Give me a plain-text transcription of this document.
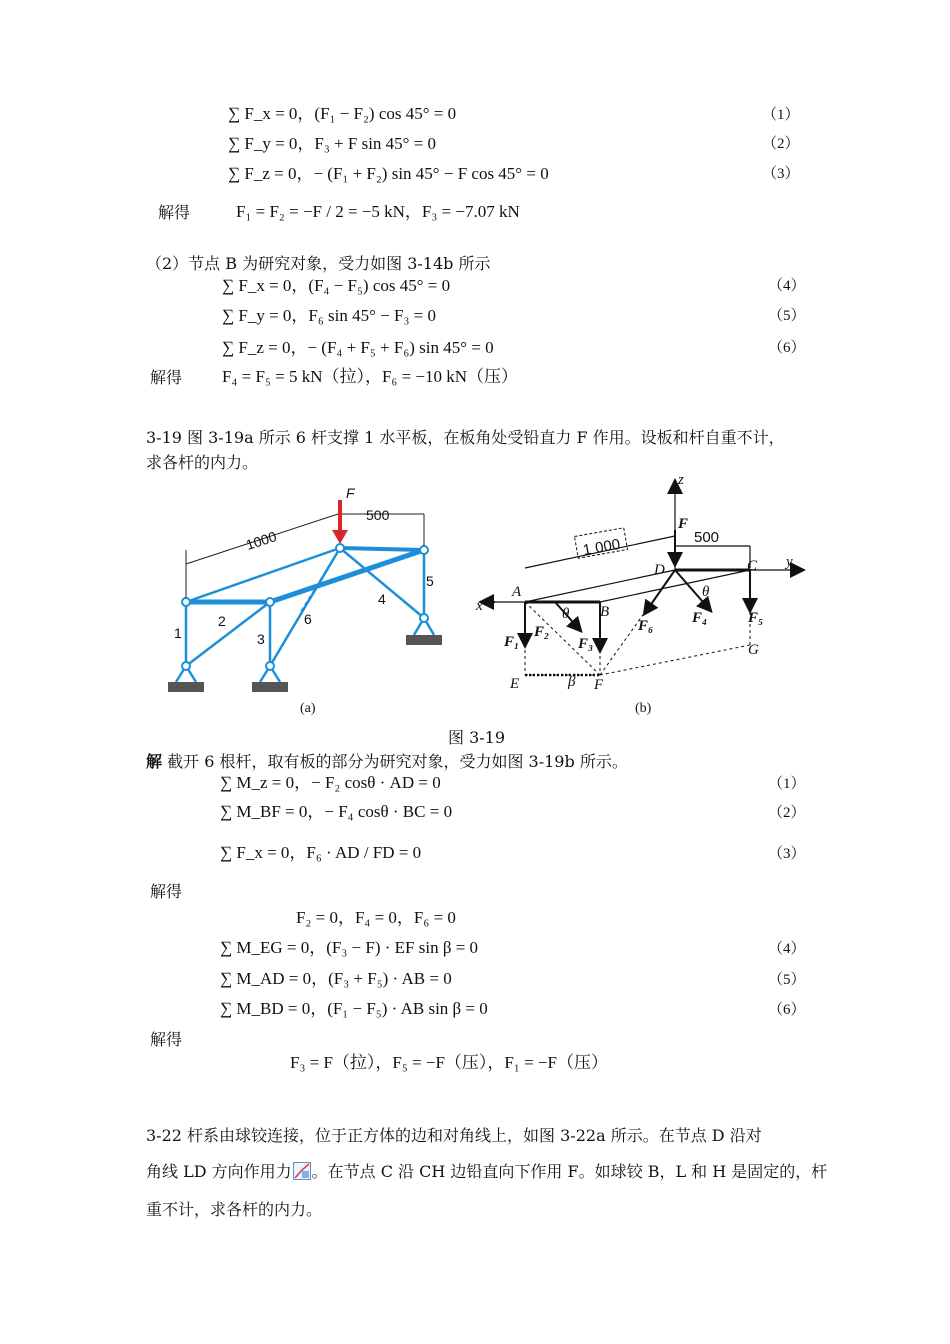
∑ F_x = 0，(F₁ − F₂) cos 45° = 0	（1）
∑ F_y = 0，F₃ + F sin 45° = 0	（2）
∑ F_z = 0，− (F₁ + F₂) sin 45° − F cos 45° = 0	（3）
解得	F₁ = F₂ = −F / 2 = −5 kN，F₃ = −7.07 kN
（2）节点 B 为研究对象，受力如图 3-14b 所示
∑ F_x = 0，(F₄ − F₅) cos 45° = 0	（4）
∑ F_y = 0，F₆ sin 45° − F₃ = 0	（5）
∑ F_z = 0，− (F₄ + F₅ + F₆) sin 45° = 0	（6）
解得 F₄ = F₅ = 5 kN（拉），F₆ = −10 kN（压）
3-19 图 3-19a 所示 6 杆支撑 1 水平板，在板角处受铅直力 F 作用。设板和杆自重不计，
求各杆的内力。
F
500
1000
1
2
3
4
5
6
(a)
z
y
x
F
A
B
C
D
E	F
G
θ
θ
β
F₁
F₂
F₃
F₄	F₅
F₆
1 000	500
(b)
图 3-19
解 截开 6 根杆，取有板的部分为研究对象，受力如图 3-19b 所示。
∑ M_z = 0，− F₂ cosθ · AD = 0	（1）
∑ M_BF = 0，− F₄ cosθ · BC = 0	（2）
∑ F_x = 0，F₆ · AD / FD = 0	（3）
解得
F₂ = 0，F₄ = 0，F₆ = 0
∑ M_EG = 0，(F₃ − F) · EF sin β = 0	（4）
∑ M_AD = 0，(F₃ + F₅) · AB = 0	（5）
∑ M_BD = 0，(F₁ − F₅) · AB sin β = 0	（6）
解得
F₃ = F（拉），F₅ = −F（压），F₁ = −F（压）
3-22 杆系由球铰连接，位于正方体的边和对角线上，如图 3-22a 所示。在节点 D 沿对
角线 LD 方向作用力 。在节点 C 沿 CH 边铅直向下作用 F。如球铰 B，L 和 H 是固定的，杆
重不计，求各杆的内力。
